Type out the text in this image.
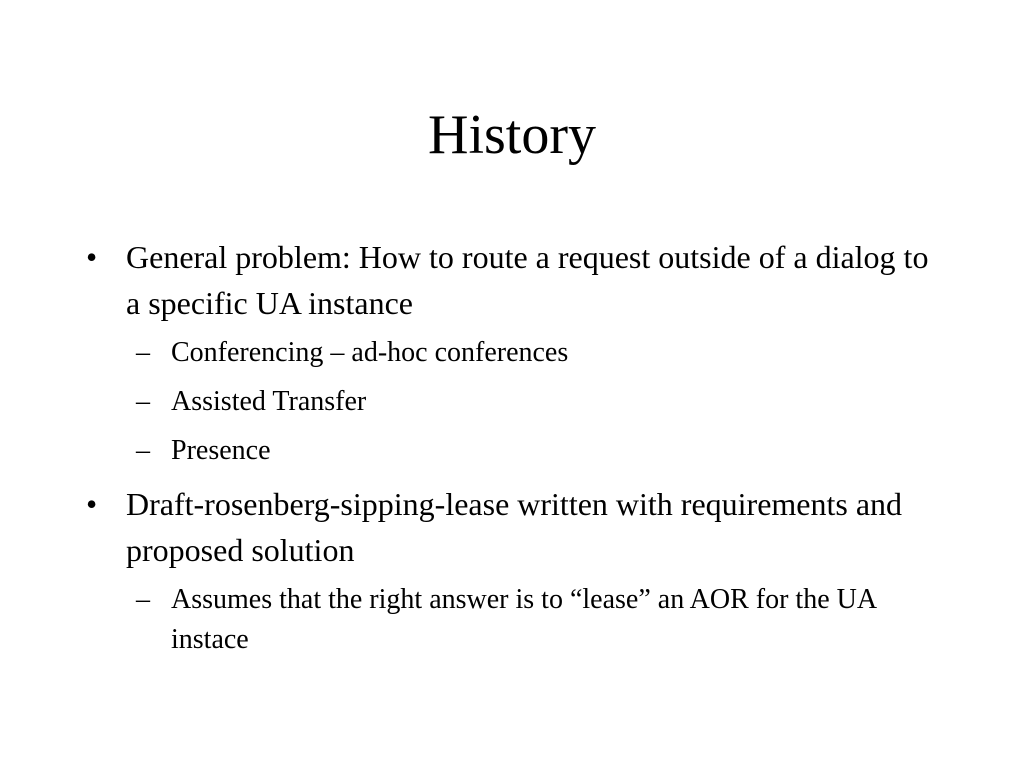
History
• General problem: How to route a request outside of a dialog to a specific UA instance
– Conferencing – ad-hoc conferences
– Assisted Transfer
– Presence
• Draft-rosenberg-sipping-lease written with requirements and proposed solution
– Assumes that the right answer is to “lease” an AOR for the UA instace
